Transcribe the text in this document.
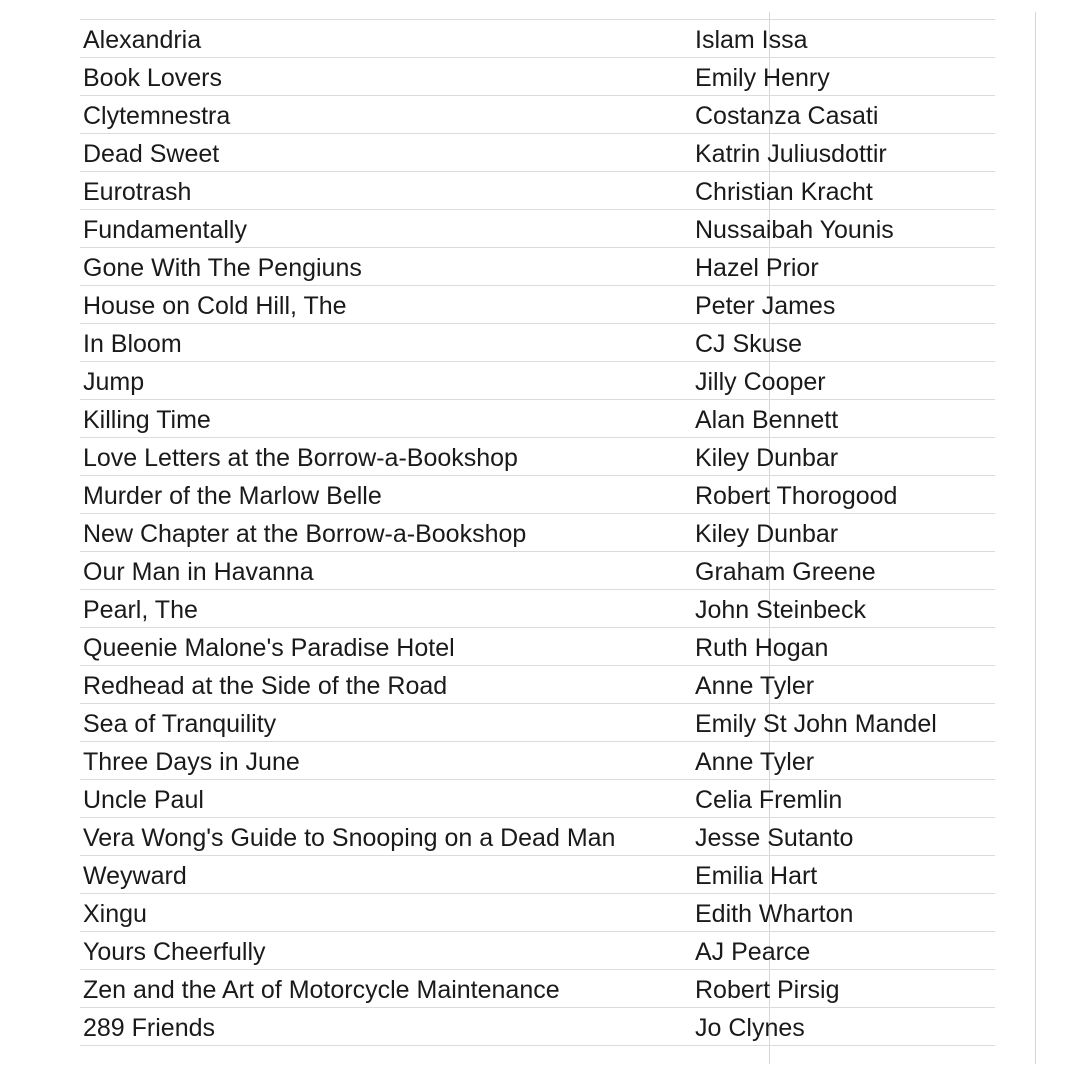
Alexandria	Islam Issa
Book Lovers	Emily Henry
Clytemnestra	Costanza Casati
Dead Sweet	Katrin Juliusdottir
Eurotrash	Christian Kracht
Fundamentally	Nussaibah Younis
Gone With The Pengiuns	Hazel Prior
House on Cold Hill, The	Peter James
In Bloom	CJ Skuse
Jump	Jilly Cooper
Killing Time	Alan Bennett
Love Letters at the Borrow-a-Bookshop	Kiley Dunbar
Murder of the Marlow Belle	Robert Thorogood
New Chapter at the Borrow-a-Bookshop	Kiley Dunbar
Our Man in Havanna	Graham Greene
Pearl, The	John Steinbeck
Queenie Malone's Paradise Hotel	Ruth Hogan
Redhead at the Side of the Road	Anne Tyler
Sea of Tranquility	Emily St John Mandel
Three Days in June	Anne Tyler
Uncle Paul	Celia Fremlin
Vera Wong's Guide to Snooping on a Dead Man	Jesse Sutanto
Weyward	Emilia Hart
Xingu	Edith Wharton
Yours Cheerfully	AJ Pearce
Zen and the Art of Motorcycle Maintenance	Robert Pirsig
289 Friends	Jo Clynes
